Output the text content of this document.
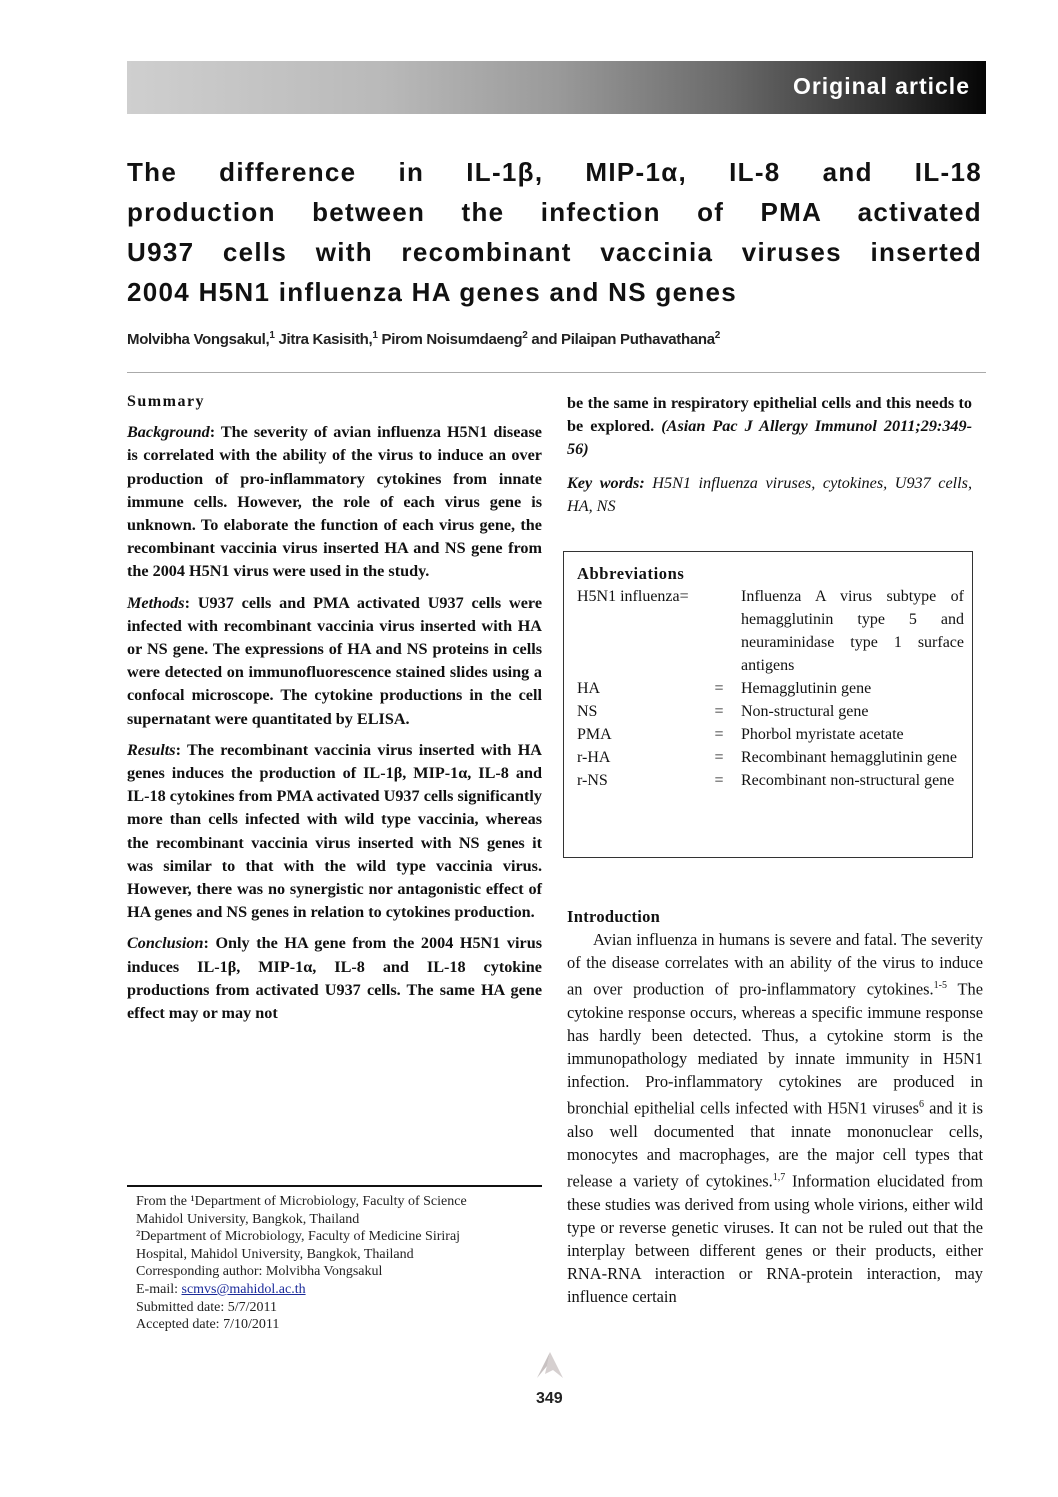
Original article
The difference in IL-1β, MIP-1α, IL-8 and IL-18
production between the infection of PMA activated
U937 cells with recombinant vaccinia viruses inserted
2004 H5N1 influenza HA genes and NS genes
Molvibha Vongsakul,$^1$ Jitra Kasisith,$^1$ Pirom Noisumdaeng$^2$ and Pilaipan Puthavathana$^2$
Summary

Background: The severity of avian influenza H5N1 disease is correlated with the ability of the virus to induce an over production of pro-inflammatory cytokines from innate immune cells. However, the role of each virus gene is unknown. To elaborate the function of each virus gene, the recombinant vaccinia virus inserted HA and NS gene from the 2004 H5N1 virus were used in the study.

Methods: U937 cells and PMA activated U937 cells were infected with recombinant vaccinia virus inserted with HA or NS gene. The expressions of HA and NS proteins in cells were detected on immunofluorescence stained slides using a confocal microscope. The cytokine productions in the cell supernatant were quantitated by ELISA.

Results: The recombinant vaccinia virus inserted with HA genes induces the production of IL-1β, MIP-1α, IL-8 and IL-18 cytokines from PMA activated U937 cells significantly more than cells infected with wild type vaccinia, whereas the recombinant vaccinia virus inserted with NS genes it was similar to that with the wild type vaccinia virus. However, there was no synergistic nor antagonistic effect of HA genes and NS genes in relation to cytokines production.

Conclusion: Only the HA gene from the 2004 H5N1 virus induces IL-1β, MIP-1α, IL-8 and IL-18 cytokine productions from activated U937 cells. The same HA gene effect may or may not

be the same in respiratory epithelial cells and this needs to be explored. (Asian Pac J Allergy Immunol 2011;29:349-56)

Key words: H5N1 influenza viruses, cytokines, U937 cells, HA, NS

Abbreviations
H5N1 influenza=	Influenza A virus subtype of hemagglutinin type 5 and neuraminidase type 1 surface antigens
HA	=	Hemagglutinin gene
NS	=	Non-structural gene
PMA	=	Phorbol myristate acetate
r-HA	=	Recombinant hemagglutinin gene
r-NS	=	Recombinant non-structural gene
Introduction

Avian influenza in humans is severe and fatal. The severity of the disease correlates with an ability of the virus to induce an over production of pro-inflammatory cytokines.$^{1-5}$ The cytokine response occurs, whereas a specific immune response has hardly been detected. Thus, a cytokine storm is the immunopathology mediated by innate immunity in H5N1 infection. Pro-inflammatory cytokines are produced in bronchial epithelial cells infected with H5N1 viruses$^6$ and it is also well documented that innate mononuclear cells, monocytes and macrophages, are the major cell types that release a variety of cytokines.$^{1,7}$ Information elucidated from these studies was derived from using whole virions, either wild type or reverse genetic viruses. It can not be ruled out that the interplay between different genes or their products, either RNA-RNA interaction or RNA-protein interaction, may influence certain

From the ¹Department of Microbiology, Faculty of Science
Mahidol University, Bangkok, Thailand
²Department of Microbiology, Faculty of Medicine Siriraj
Hospital, Mahidol University, Bangkok, Thailand
Corresponding author: Molvibha Vongsakul
E-mail: scmvs@mahidol.ac.th
Submitted date: 5/7/2011
Accepted date: 7/10/2011
349
